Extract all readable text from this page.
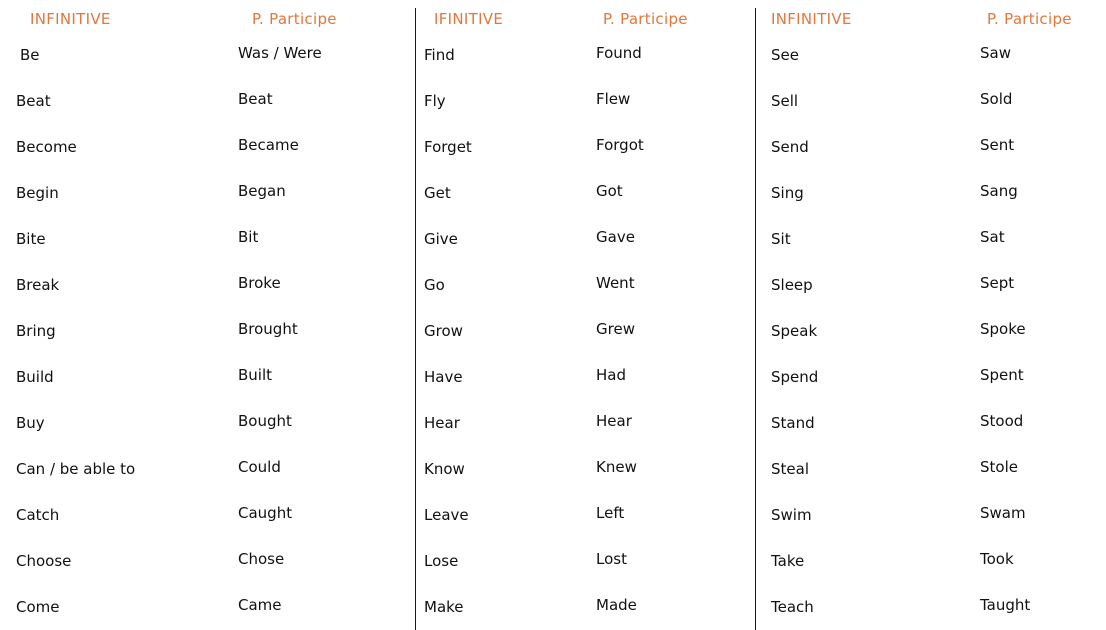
INFINITIVE	P. Participe
Be	Was / Were
Beat	Beat
Become	Became
Begin	Began
Bite	Bit
Break	Broke
Bring	Brought
Build	Built
Buy	Bought
Can / be able to	Could
Catch	Caught
Choose	Chose
Come	Came
IFINITIVE	P. Participe
Find	Found
Fly	Flew
Forget	Forgot
Get	Got
Give	Gave
Go	Went
Grow	Grew
Have	Had
Hear	Hear
Know	Knew
Leave	Left
Lose	Lost
Make	Made
INFINITIVE	P. Participe
See	Saw
Sell	Sold
Send	Sent
Sing	Sang
Sit	Sat
Sleep	Sept
Speak	Spoke
Spend	Spent
Stand	Stood
Steal	Stole
Swim	Swam
Take	Took
Teach	Taught
